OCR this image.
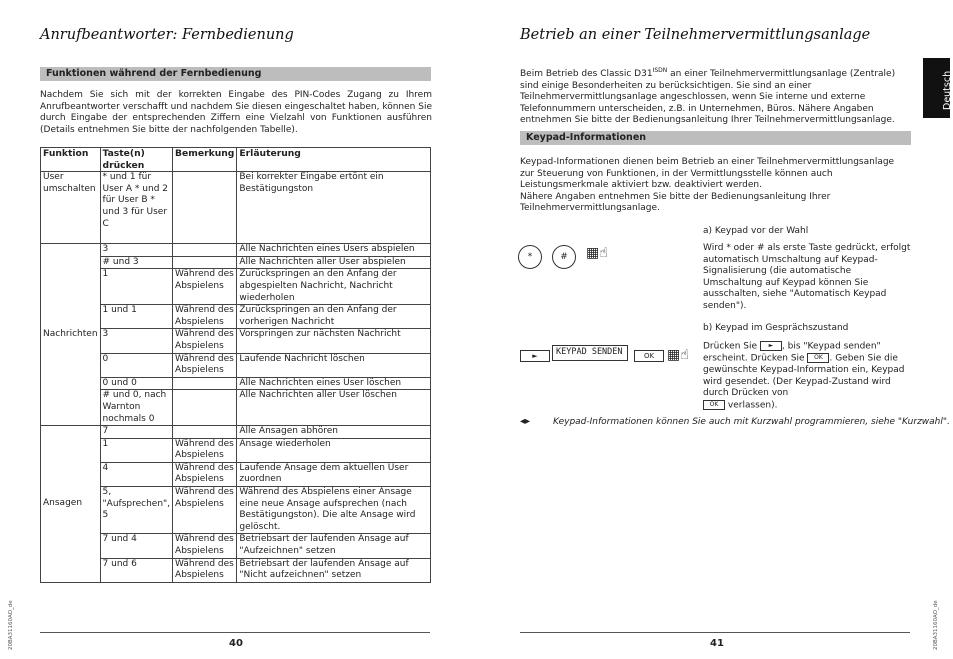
Anrufbeantworter: Fernbedienung
Funktionen während der Fernbedienung
Nachdem Sie sich mit der korrekten Eingabe des PIN-Codes Zugang zu Ihrem Anrufbeantworter verschafft und nachdem Sie diesen eingeschaltet haben, können Sie durch Eingabe der entsprechenden Ziffern eine Vielzahl von Funktionen ausführen (Details entnehmen Sie bitte der nachfolgenden Tabelle).
Funktion	Taste(n) drücken	Bemerkung	Erläuterung
User umschalten	* und 1 für User A * und 2 für User B * und 3 für User C		Bei korrekter Eingabe ertönt ein Bestätigungston
Nachrichten	3		Alle Nachrichten eines Users abspielen
	# und 3		Alle Nachrichten aller User abspielen
	1	Während des Abspielens	Zurückspringen an den Anfang der abgespielten Nachricht, Nachricht wiederholen
	1 und 1	Während des Abspielens	Zurückspringen an den Anfang der vorherigen Nachricht
	3	Während des Abspielens	Vorspringen zur nächsten Nachricht
	0	Während des Abspielens	Laufende Nachricht löschen
	0 und 0		Alle Nachrichten eines User löschen
	# und 0, nach Warnton nochmals 0		Alle Nachrichten aller User löschen
Ansagen	7		Alle Ansagen abhören
	1	Während des Abspielens	Ansage wiederholen
	4	Während des Abspielens	Laufende Ansage dem aktuellen User zuordnen
	5, "Aufsprechen", 5	Während des Abspielens	Während des Abspielens einer Ansage eine neue Ansage aufsprechen (nach Bestätigungston). Die alte Ansage wird gelöscht.
	7 und 4	Während des Abspielens	Betriebsart der laufenden Ansage auf "Aufzeichnen" setzen
	7 und 6	Während des Abspielens	Betriebsart der laufenden Ansage auf "Nicht aufzeichnen" setzen
40
20BA31160AO_de
Betrieb an einer Teilnehmervermittlungsanlage
Deutsch
Beim Betrieb des Classic $D31^{ISDN}$ an einer Teilnehmervermittlungsanlage (Zentrale) sind einige Besonderheiten zu berücksichtigen. Sie sind an einer Teilnehmervermittlungsanlage angeschlossen, wenn Sie interne und externe Telefonnummern unterscheiden, z.B. in Unternehmen, Büros. Nähere Angaben entnehmen Sie bitte der Bedienungsanleitung Ihrer Teilnehmervermittlungsanlage.
Keypad-Informationen
Keypad-Informationen dienen beim Betrieb an einer Teilnehmervermittlungsanlage zur Steuerung von Funktionen, in der Vermittlungsstelle können auch Leistungsmerkmale aktiviert bzw. deaktiviert werden.
Nähere Angaben entnehmen Sie bitte der Bedienungsanleitung Ihrer Teilnehmervermittlungsanlage.
a) Keypad vor der Wahl
*	#	▦☝	Wird * oder # als erste Taste gedrückt, erfolgt automatisch Umschaltung auf Keypad-Signalisierung (die automatische Umschaltung auf Keypad können Sie ausschalten, siehe "Automatisch Keypad senden").
b) Keypad im Gesprächszustand
►	KEYPAD SENDEN	OK ▦☝
Drücken Sie ► , bis "Keypad senden" erscheint. Drücken Sie OK . Geben Sie die gewünschte Keypad-Information ein, Keypad wird gesendet. (Der Keypad-Zustand wird durch Drücken von
OK verlassen).
◂▸	Keypad-Informationen können Sie auch mit Kurzwahl programmieren, siehe "Kurzwahl".
41	20BA31160AO_de
